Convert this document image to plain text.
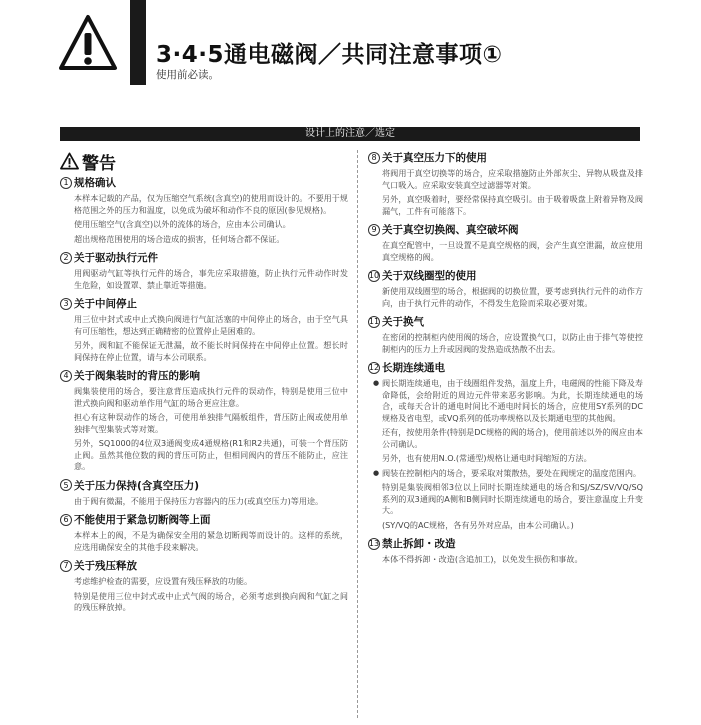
3·4·5通电磁阀／共同注意事项①
使用前必读。
设计上的注意／选定
警告
1 规格确认
本样本记载的产品，仅为压缩空气系统(含真空)的使用而设计的。不要用于规格范围之外的压力和温度，以免成为破坏和动作不良的原因(参见规格)。
使用压缩空气(含真空)以外的流体的场合，应由本公司确认。
超出规格范围使用的场合造成的损害，任何场合都不保证。
2 关于驱动执行元件
用阀驱动气缸等执行元件的场合，事先应采取措施，防止执行元件动作时发生危险，如设置罩、禁止靠近等措施。
3 关于中间停止
用三位中封式或中止式换向阀进行气缸活塞的中间停止的场合，由于空气具有可压缩性，想达到正确精密的位置停止是困难的。
另外，阀和缸不能保证无泄漏，故不能长时间保持在中间停止位置。想长时间保持在停止位置，请与本公司联系。
4 关于阀集装时的背压的影响
阀集装使用的场合，要注意背压造成执行元件的误动作，特别是使用三位中泄式换向阀和驱动单作用气缸的场合更应注意。
担心有这种误动作的场合，可使用单独排气隔板组件，背压防止阀或使用单独排气型集装式等对策。
另外，SQ1000的4位双3通阀变成4通规格(R1和R2共通)，可装一个背压防止阀。虽然其他位数的阀的背压可防止，但相同阀内的背压不能防止，应注意。
5 关于压力保持(含真空压力)
由于阀有微漏，不能用于保持压力容器内的压力(或真空压力)等用途。
6 不能使用于紧急切断阀等上面
本样本上的阀，不是为确保安全用的紧急切断阀等而设计的。这样的系统，应选用确保安全的其他手段来解决。
7 关于残压释放
考虑维护检查的需要，应设置有残压释放的功能。
特别是使用三位中封式或中止式气阀的场合，必须考虑到换向阀和气缸之间的残压释放掉。
8 关于真空压力下的使用
将阀用于真空切换等的场合，应采取措施防止外部灰尘、异物从吸盘及排气口吸入。应采取安装真空过滤器等对策。
另外，真空吸着时，要经常保持真空吸引。由于吸着吸盘上附着异物及阀漏气，工件有可能落下。
9 关于真空切换阀、真空破坏阀
在真空配管中，一旦设置不是真空规格的阀，会产生真空泄漏，故应使用真空规格的阀。
10 关于双线圈型的使用
新使用双线圈型的场合，根据阀的切换位置，要考虑到执行元件的动作方向，由于执行元件的动作，不得发生危险而采取必要对策。
11 关于换气
在密闭的控制柜内使用阀的场合，应设置换气口，以防止由于排气等使控制柜内的压力上升或因阀的发热造成热散不出去。
12 长期连续通电
● 阀长期连续通电，由于线圈组件发热，温度上升，电磁阀的性能下降及寿命降低，会给附近的周边元件带来恶劣影响。为此，长期连续通电的场合，或每天合计的通电时间比不通电时间长的场合，应使用SY系列的DC规格及省电型，或VQ系列的低功率规格以及长期通电型的其他阀。
还有，按使用条件(特别是DC规格的阀的场合)，使用前述以外的阀应由本公司确认。
另外，也有使用N.O.(常通型)规格让通电时间缩短的方法。
● 阀装在控制柜内的场合，要采取对策散热，要处在阀规定的温度范围内。
特别是集装阀相邻3位以上同时长期连续通电的场合和SJ/SZ/SV/VQ/SQ系列的双3通阀的A侧和B侧同时长期连续通电的场合，要注意温度上升变大。
(SY/VQ的AC规格，各有另外对应品，由本公司确认。)
13 禁止拆卸・改造
本体不得拆卸・改造(含追加工)，以免发生损伤和事故。
